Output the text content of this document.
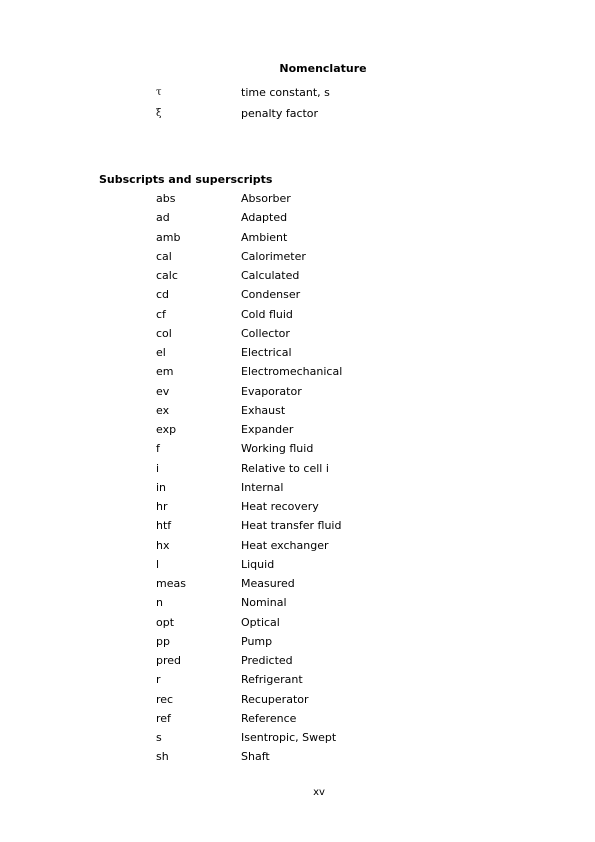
Nomenclature
τ	time constant, s
ξ	penalty factor
Subscripts and superscripts
abs	Absorber
ad	Adapted
amb	Ambient
cal	Calorimeter
calc	Calculated
cd	Condenser
cf	Cold fluid
col	Collector
el	Electrical
em	Electromechanical
ev	Evaporator
ex	Exhaust
exp	Expander
f	Working fluid
i	Relative to cell i
in	Internal
hr	Heat recovery
htf	Heat transfer fluid
hx	Heat exchanger
l	Liquid
meas	Measured
n	Nominal
opt	Optical
pp	Pump
pred	Predicted
r	Refrigerant
rec	Recuperator
ref	Reference
s	Isentropic, Swept
sh	Shaft
xv
